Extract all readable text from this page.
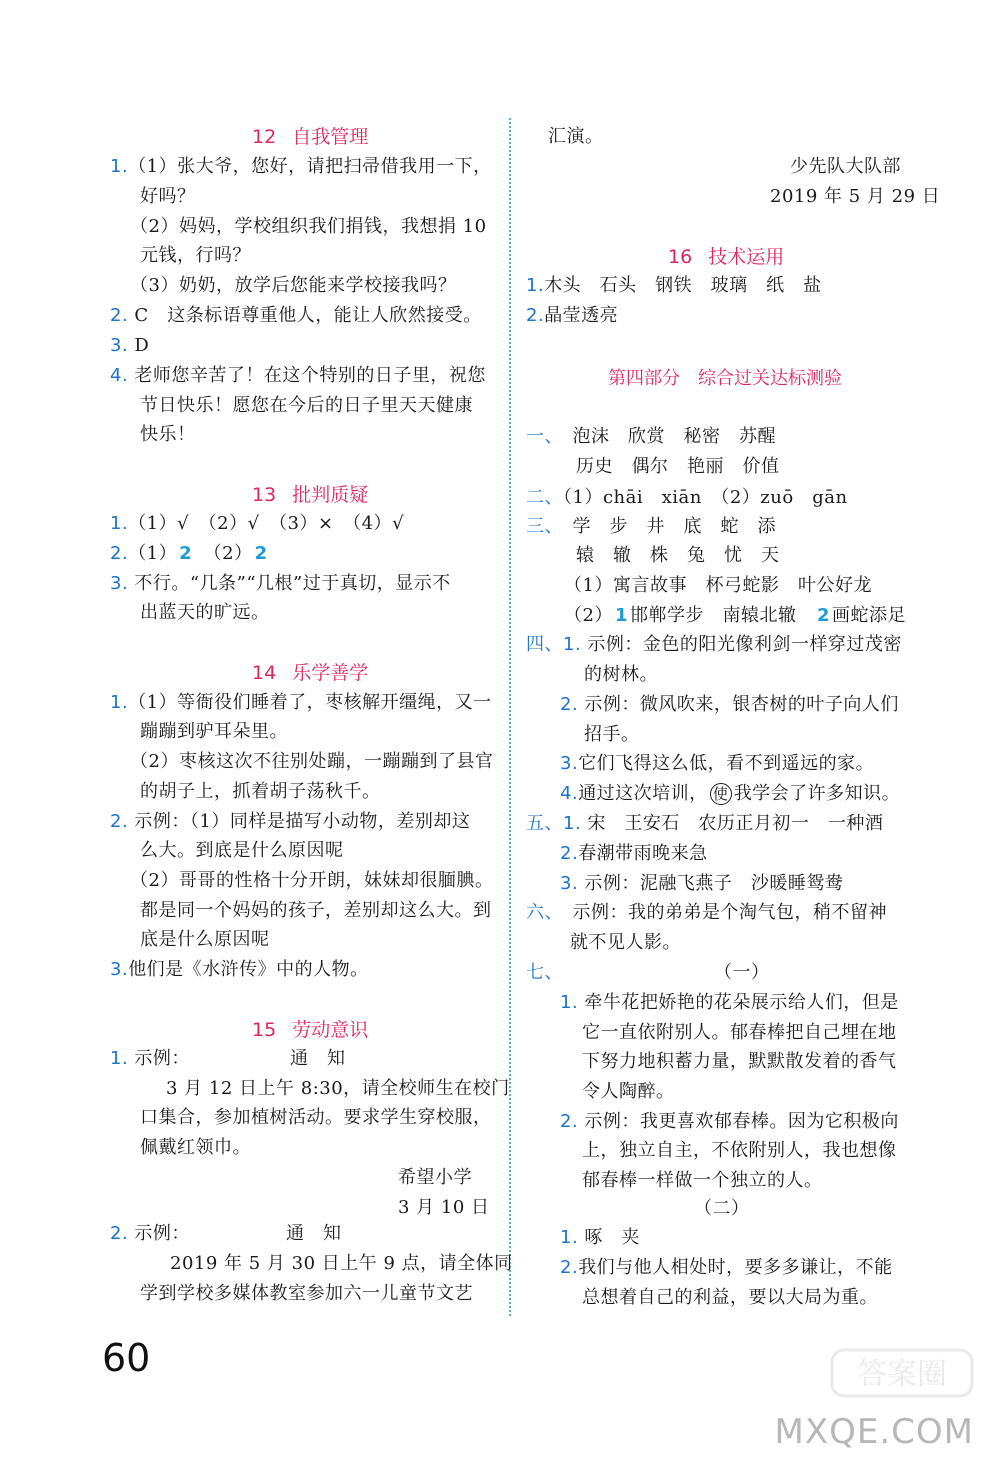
12 自我管理
1.（1）张大爷，您好，请把扫帚借我用一下，
好吗？
（2）妈妈，学校组织我们捐钱，我想捐 10
元钱，行吗？
（3）奶奶，放学后您能来学校接我吗？
2. C　这条标语尊重他人，能让人欣然接受。
3. D
4. 老师您辛苦了！在这个特别的日子里，祝您
节日快乐！愿您在今后的日子里天天健康
快乐！
13 批判质疑
1.（1）√　 （2）√　 （3）×　 （4）√
2.（1） 2　 （2） 2
3. 不行。“几条”“几根”过于真切，显示不
出蓝天的旷远。
14 乐学善学
1.（1）等衙役们睡着了，枣核解开缰绳，又一
蹦蹦到驴耳朵里。
（2）枣核这次不往别处蹦，一蹦蹦到了县官
的胡子上，抓着胡子荡秋千。
2. 示例：（1）同样是描写小动物，差别却这
么大。到底是什么原因呢
（2）哥哥的性格十分开朗，妹妹却很腼腆。
都是同一个妈妈的孩子，差别却这么大。到
底是什么原因呢
3.他们是《水浒传》中的人物。
15 劳动意识
1. 示例：	通　知
3 月 12 日上午 8:30，请全校师生在校门
口集合，参加植树活动。要求学生穿校服，
佩戴红领巾。
希望小学
3 月 10 日
2. 示例：	通　知
2019 年 5 月 30 日上午 9 点，请全体同
学到学校多媒体教室参加六一儿童节文艺
汇演。
少先队大队部
2019 年 5 月 29 日
16 技术运用
1.木头　石头　钢铁　玻璃　纸　盐
2.晶莹透亮
第四部分　综合过关达标测验
一、　 泡沫　欣赏　秘密　苏醒
历史　偶尔　艳丽　价值
二、（1）chāi　xiān　（2）zuō　gān
三、　 学　步　井　底　蛇　添
辕　辙　株　兔　忧　天
（1）寓言故事　杯弓蛇影　叶公好龙
（2） 1 邯郸学步　南辕北辙　2 画蛇添足
四、1. 示例：金色的阳光像利剑一样穿过茂密
的树林。
2. 示例：微风吹来，银杏树的叶子向人们
招手。
3.它们飞得这么低，看不到遥远的家。
4.通过这次培训， 使 我学会了许多知识。
五、1. 宋　王安石　农历正月初一　一种酒
2.春潮带雨晚来急
3. 示例：泥融飞燕子　沙暖睡鸳鸯
六、　 示例：我的弟弟是个淘气包，稍不留神
就不见人影。
七、	（一）
1. 牵牛花把娇艳的花朵展示给人们，但是
它一直依附别人。郁春棒把自己埋在地
下努力地积蓄力量，默默散发着的香气
令人陶醉。
2. 示例：我更喜欢郁春棒。因为它积极向
上，独立自主，不依附别人，我也想像
郁春棒一样做一个独立的人。
（二）
1. 啄　夹
2.我们与他人相处时，要多多谦让，不能
总想着自己的利益，要以大局为重。
60	答案圈
MXQE.COM
